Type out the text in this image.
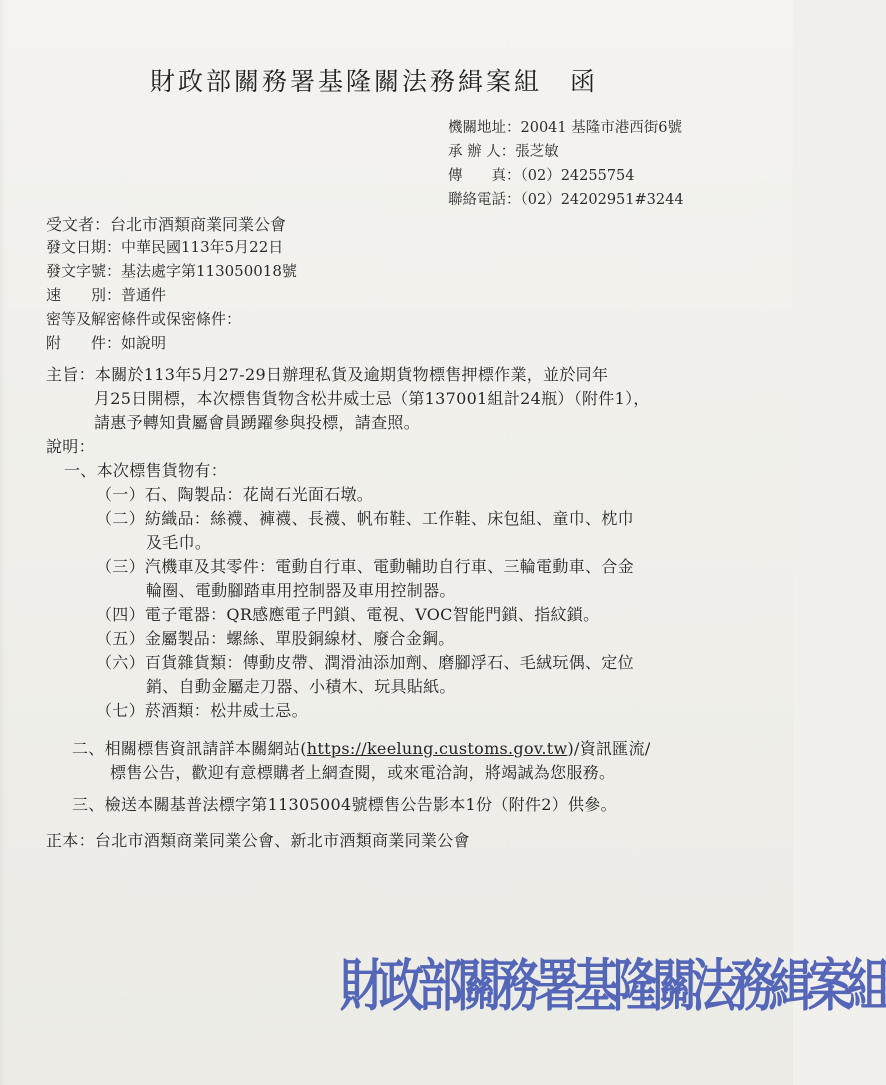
財政部關務署基隆關法務緝案組　函
機關地址：20041 基隆市港西街6號
承 辦 人：張芝敏
傳　　真：（02）24255754
聯絡電話：（02）24202951#3244
受文者：台北市酒類商業同業公會
發文日期：中華民國113年5月22日
發文字號：基法處字第113050018號
速　　別：普通件
密等及解密條件或保密條件：
附　　件：如說明
主旨：本關於113年5月27-29日辦理私貨及逾期貨物標售押標作業，並於同年
月25日開標，本次標售貨物含松井威士忌（第137001組計24瓶）（附件1），
請惠予轉知貴屬會員踴躍參與投標，請查照。
說明：
一、本次標售貨物有：
（一）石、陶製品：花崗石光面石墩。
（二）紡織品：絲襪、褲襪、長襪、帆布鞋、工作鞋、床包組、童巾、枕巾
及毛巾。
（三）汽機車及其零件：電動自行車、電動輔助自行車、三輪電動車、合金
輪圈、電動腳踏車用控制器及車用控制器。
（四）電子電器：QR感應電子門鎖、電視、VOC智能門鎖、指紋鎖。
（五）金屬製品：螺絲、單股銅線材、廢合金鋼。
（六）百貨雜貨類：傳動皮帶、潤滑油添加劑、磨腳浮石、毛絨玩偶、定位
銷、自動金屬走刀器、小積木、玩具貼紙。
（七）菸酒類：松井威士忌。
二、相關標售資訊請詳本關網站(https://keelung.customs.gov.tw)/資訊匯流/
標售公告，歡迎有意標購者上網查閱，或來電洽詢，將竭誠為您服務。
三、檢送本關基普法標字第11305004號標售公告影本1份（附件2）供參。
正本：台北市酒類商業同業公會、新北市酒類商業同業公會
財政部關務署基隆關法務緝案組
